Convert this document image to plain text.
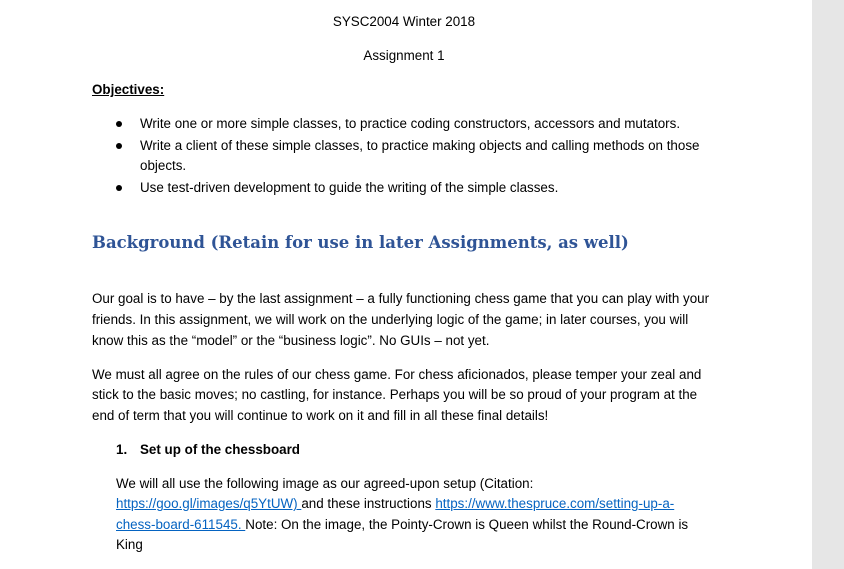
SYSC2004 Winter 2018
Assignment 1
Objectives:
Write one or more simple classes, to practice coding constructors, accessors and mutators.
Write a client of these simple classes, to practice making objects and calling methods on those
objects.
Use test-driven development to guide the writing of the simple classes.
Background (Retain for use in later Assignments, as well)
Our goal is to have – by the last assignment – a fully functioning chess game that you can play with your
friends. In this assignment, we will work on the underlying logic of the game; in later courses, you will
know this as the “model” or the “business logic”. No GUIs – not yet.
We must all agree on the rules of our chess game. For chess aficionados, please temper your zeal and
stick to the basic moves; no castling, for instance. Perhaps you will be so proud of your program at the
end of term that you will continue to work on it and fill in all these final details!
1. Set up of the chessboard
We will all use the following image as our agreed-upon setup (Citation:
https://goo.gl/images/q5YtUW) and these instructions https://www.thespruce.com/setting-up-a-
chess-board-611545. Note: On the image, the Pointy-Crown is Queen whilst the Round-Crown is
King
